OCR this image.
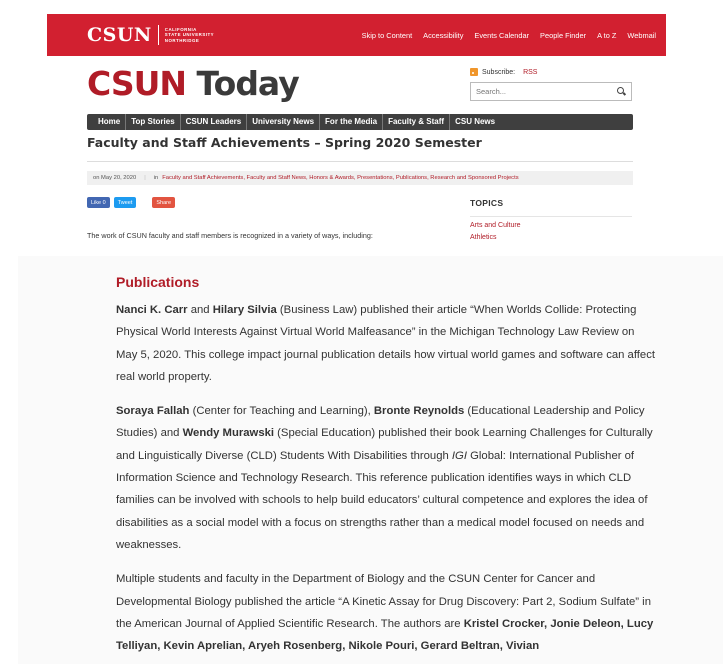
CSUN	CALIFORNIA
STATE UNIVERSITY
NORTHRIDGE
Skip to Content Accessibility Events Calendar People Finder A to Z Webmail
CSUN Today	Subscribe: RSS
Search...
Home	Top Stories	CSUN Leaders	University News	For the Media	Faculty & Staff	CSU News
Faculty and Staff Achievements – Spring 2020 Semester
on May 20, 2020 | in Faculty and Staff Achievements, Faculty and Staff News, Honors & Awards, Presentations, Publications, Research and Sponsored Projects
Like 0	Tweet	Share	TOPICS
Arts and Culture
Athletics

The work of CSUN faculty and staff members is recognized in a variety of ways, including:

Publications

Nanci K. Carr and Hilary Silvia (Business Law) published their article “When Worlds Collide: Protecting Physical World Interests Against Virtual World Malfeasance” in the Michigan Technology Law Review on May 5, 2020. This college impact journal publication details how virtual world games and software can affect real world property.

Soraya Fallah (Center for Teaching and Learning), Bronte Reynolds (Educational Leadership and Policy Studies) and Wendy Murawski (Special Education) published their book Learning Challenges for Culturally and Linguistically Diverse (CLD) Students With Disabilities through IGI Global: International Publisher of Information Science and Technology Research. This reference publication identifies ways in which CLD families can be involved with schools to help build educators’ cultural competence and explores the idea of disabilities as a social model with a focus on strengths rather than a medical model focused on needs and weaknesses.

Multiple students and faculty in the Department of Biology and the CSUN Center for Cancer and Developmental Biology published the article “A Kinetic Assay for Drug Discovery: Part 2, Sodium Sulfate” in the American Journal of Applied Scientific Research. The authors are Kristel Crocker, Jonie Deleon, Lucy Telliyan, Kevin Aprelian, Aryeh Rosenberg, Nikole Pouri, Gerard Beltran, Vivian
